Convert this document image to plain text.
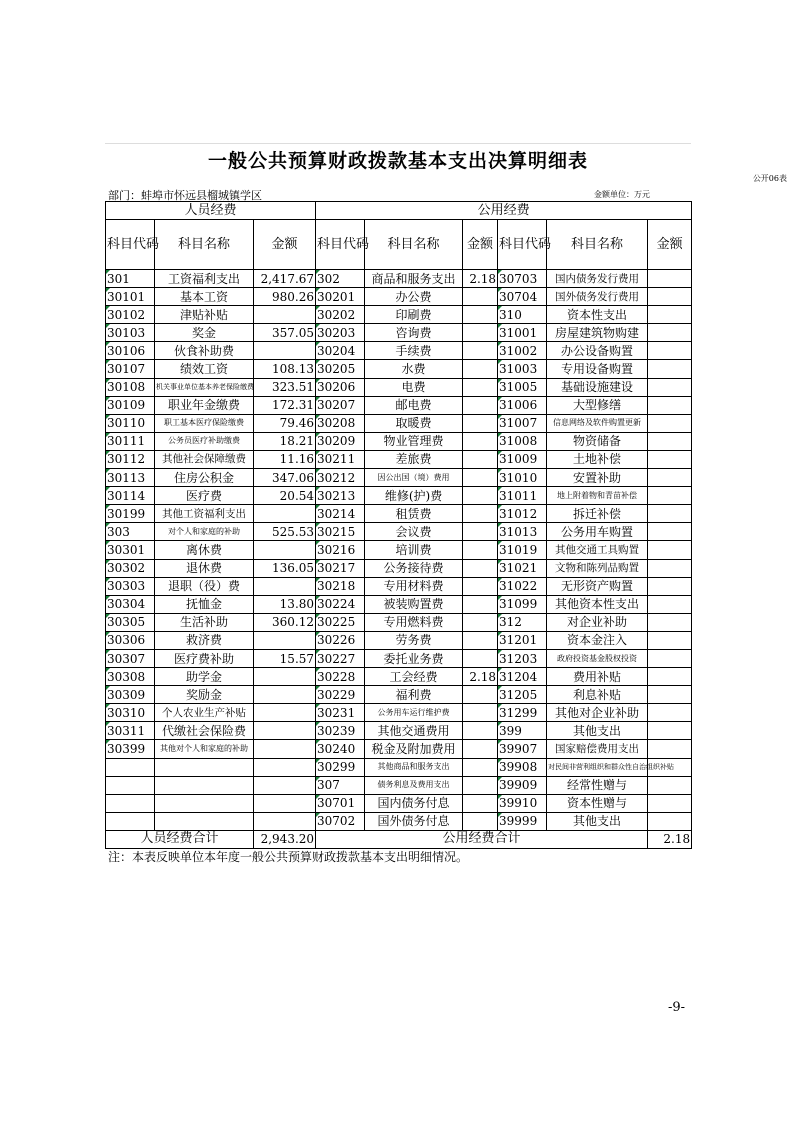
一般公共预算财政拨款基本支出决算明细表
公开06表
部门：蚌埠市怀远县榴城镇学区	金额单位：万元
人员经费			公用经费					
科目代码	科目名称	金额	科目代码	科目名称	金额	科目代码	科目名称	金额
301	工资福利支出	2,417.67	302	商品和服务支出	2.18	30703	国内债务发行费用	
30101	基本工资	980.26	30201	办公费		30704	国外债务发行费用	
30102	津贴补贴		30202	印刷费		310	资本性支出	
30103	奖金	357.05	30203	咨询费		31001	房屋建筑物购建	
30106	伙食补助费		30204	手续费		31002	办公设备购置	
30107	绩效工资	108.13	30205	水费		31003	专用设备购置	
30108	机关事业单位基本养老保险缴费	323.51	30206	电费		31005	基础设施建设	
30109	职业年金缴费	172.31	30207	邮电费		31006	大型修缮	
30110	职工基本医疗保险缴费	79.46	30208	取暖费		31007	信息网络及软件购置更新	
30111	公务员医疗补助缴费	18.21	30209	物业管理费		31008	物资储备	
30112	其他社会保障缴费	11.16	30211	差旅费		31009	土地补偿	
30113	住房公积金	347.06	30212	因公出国（境）费用		31010	安置补助	
30114	医疗费	20.54	30213	维修(护)费		31011	地上附着物和青苗补偿	
30199	其他工资福利支出		30214	租赁费		31012	拆迁补偿	
303	对个人和家庭的补助	525.53	30215	会议费		31013	公务用车购置	
30301	离休费		30216	培训费		31019	其他交通工具购置	
30302	退休费	136.05	30217	公务接待费		31021	文物和陈列品购置	
30303	退职（役）费		30218	专用材料费		31022	无形资产购置	
30304	抚恤金	13.80	30224	被装购置费		31099	其他资本性支出	
30305	生活补助	360.12	30225	专用燃料费		312	对企业补助	
30306	救济费		30226	劳务费		31201	资本金注入	
30307	医疗费补助	15.57	30227	委托业务费		31203	政府投资基金股权投资	
30308	助学金		30228	工会经费	2.18	31204	费用补贴	
30309	奖励金		30229	福利费		31205	利息补贴	
30310	个人农业生产补贴		30231	公务用车运行维护费		31299	其他对企业补助	
30311	代缴社会保险费		30239	其他交通费用		399	其他支出	
30399	其他对个人和家庭的补助		30240	税金及附加费用		39907	国家赔偿费用支出	
			30299	其他商品和服务支出		39908	对民间非营利组织和群众性自治组织补贴	
			307	债务利息及费用支出		39909	经常性赠与	
			30701	国内债务付息		39910	资本性赠与	
			30702	国外债务付息		39999	其他支出	
人员经费合计		2,943.20	公用经费合计					2.18
注：本表反映单位本年度一般公共预算财政拨款基本支出明细情况。
-9-
